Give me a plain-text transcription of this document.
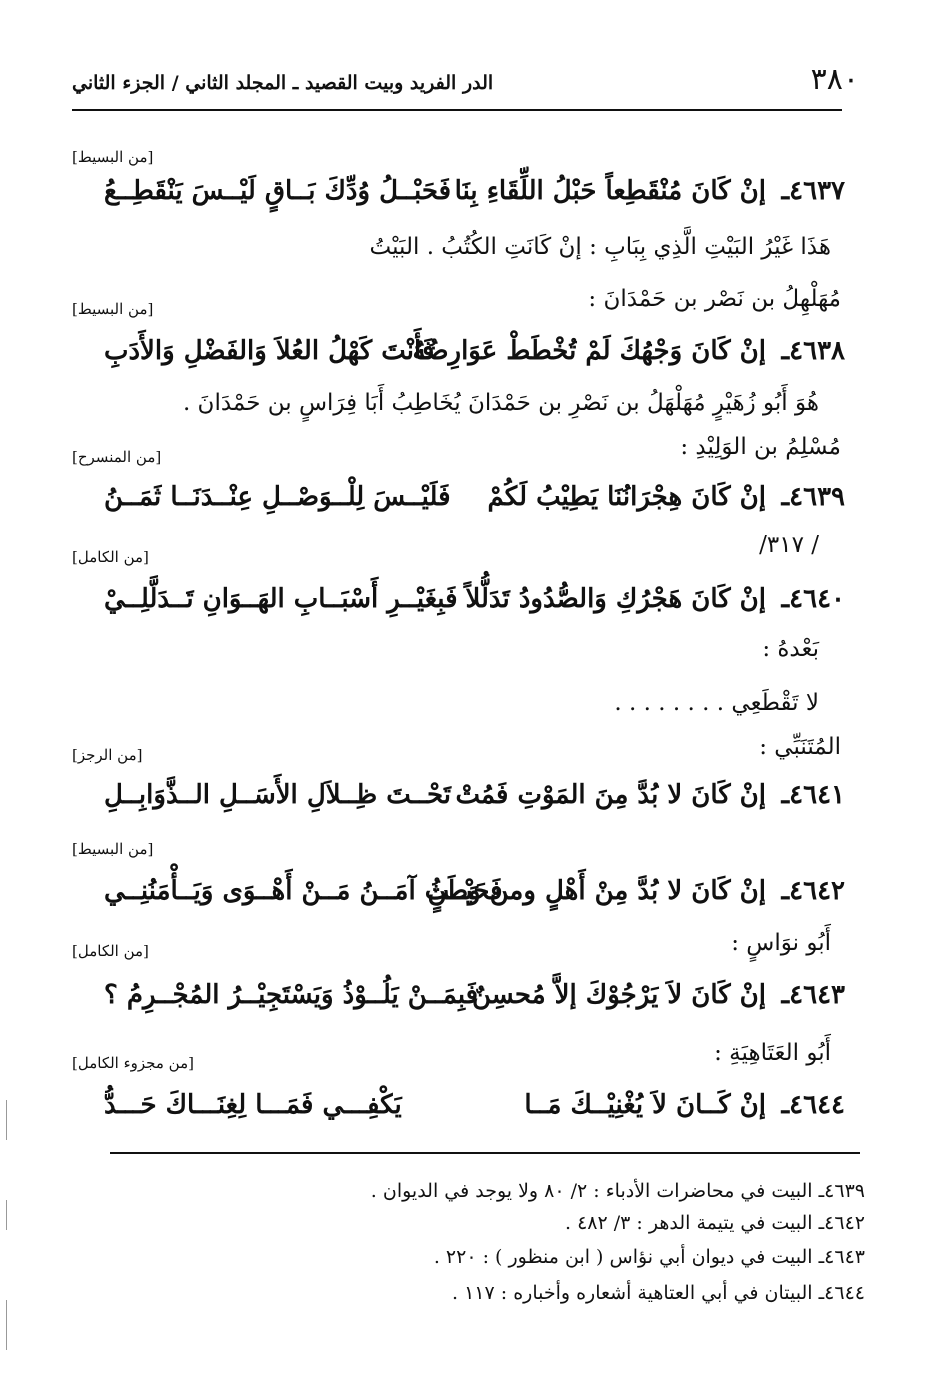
٣٨٠
الدر الفريد وبيت القصيد ـ المجلد الثاني / الجزء الثاني
[من البسيط]
٤٦٣٧ـ
إنْ كَانَ مُنْقَطِعاً حَبْلُ اللِّقَاءِ بِنَا
فَحَبْــلُ وُدِّكَ بَــاقٍ لَيْــسَ يَنْقَطِــعُ
هَذَا غَيْرُ البَيْتِ الَّذِي بِبَابِ : إنْ كَانَتِ الكُتُبُ . البَيْتُ
مُهَلْهِلُ بن نَصْر بن حَمْدَانَ :
[من البسيط]
٤٦٣٨ـ
إنْ كَانَ وَجْهُكَ لَمْ تُخْطَطْ عَوَارِضُهُ
فَأَنْتَ كَهْلُ العُلاَ وَالفَضْلِ وَالأَدَبِ
هُوَ أَبُو زُهَيْرٍ مُهَلْهَلُ بن نَصْرِ بن حَمْدَانَ يُخَاطِبُ أَبَا فِرَاسٍ بن حَمْدَانَ .
مُسْلِمُ بن الوَلِيْدِ :
[من المنسرح]
٤٦٣٩ـ
إنْ كَانَ هِجْرَانُنَا يَطِيْبُ لَكُمْ
فَلَيْــسَ لِلْــوَصْــلِ عِنْــدَنَــا ثَمَــنُ
/ ٣١٧/
[من الكامل]
٤٦٤٠ـ
إنْ كَانَ هَجْرُكِ وَالصُّدُودُ تَدَلُّلاً
فَبِغَيْــرِ أَسْبَــابِ الهَــوَانِ تَــدَلَّلِــيْ
بَعْدهُ :
لا تَقْطَعِي . . . . . . . .
المُتَنَبِّي :
[من الرجز]
٤٦٤١ـ
إنْ كَانَ لا بُدَّ مِنَ المَوْتِ فَمُتْ
تَحْــتَ ظِــلاَلِ الأَسَــلِ الــذَّوَابِــلِ
[من البسيط]
٤٦٤٢ـ
إنْ كَانَ لا بُدَّ مِنْ أَهْلٍ ومن وَطَنٍ
فَحَيْــثُ آمَــنُ مَــنْ أَهْــوَى وَيَــأْمَنُنِــي
أَبُو نوَاسٍ :
[من الكامل]
٤٦٤٣ـ
إنْ كَانَ لاَ يَرْجُوْكَ إلاَّ مُحسِنٌ
فَبِمَــنْ يَلُــوْذُ وَيَسْتَجِيْــرُ المُجْــرِمُ ؟
أَبُو العَتَاهِيَةِ :
[من مجزوء الكامل]
٤٦٤٤ـ
إنْ كَــانَ لاَ يُغْنِيْــكَ مَــا
يَكْفِـــي فَمَـــا لِغِنَـــاكَ حَـــدُّ
٤٦٣٩ـ البيت في محاضرات الأدباء : ٢/ ٨٠ ولا يوجد في الديوان .
٤٦٤٢ـ البيت في يتيمة الدهر : ٣/ ٤٨٢ .
٤٦٤٣ـ البيت في ديوان أبي نؤاس ( ابن منظور ) : ٢٢٠ .
٤٦٤٤ـ البيتان في أبي العتاهية أشعاره وأخباره : ١١٧ .
